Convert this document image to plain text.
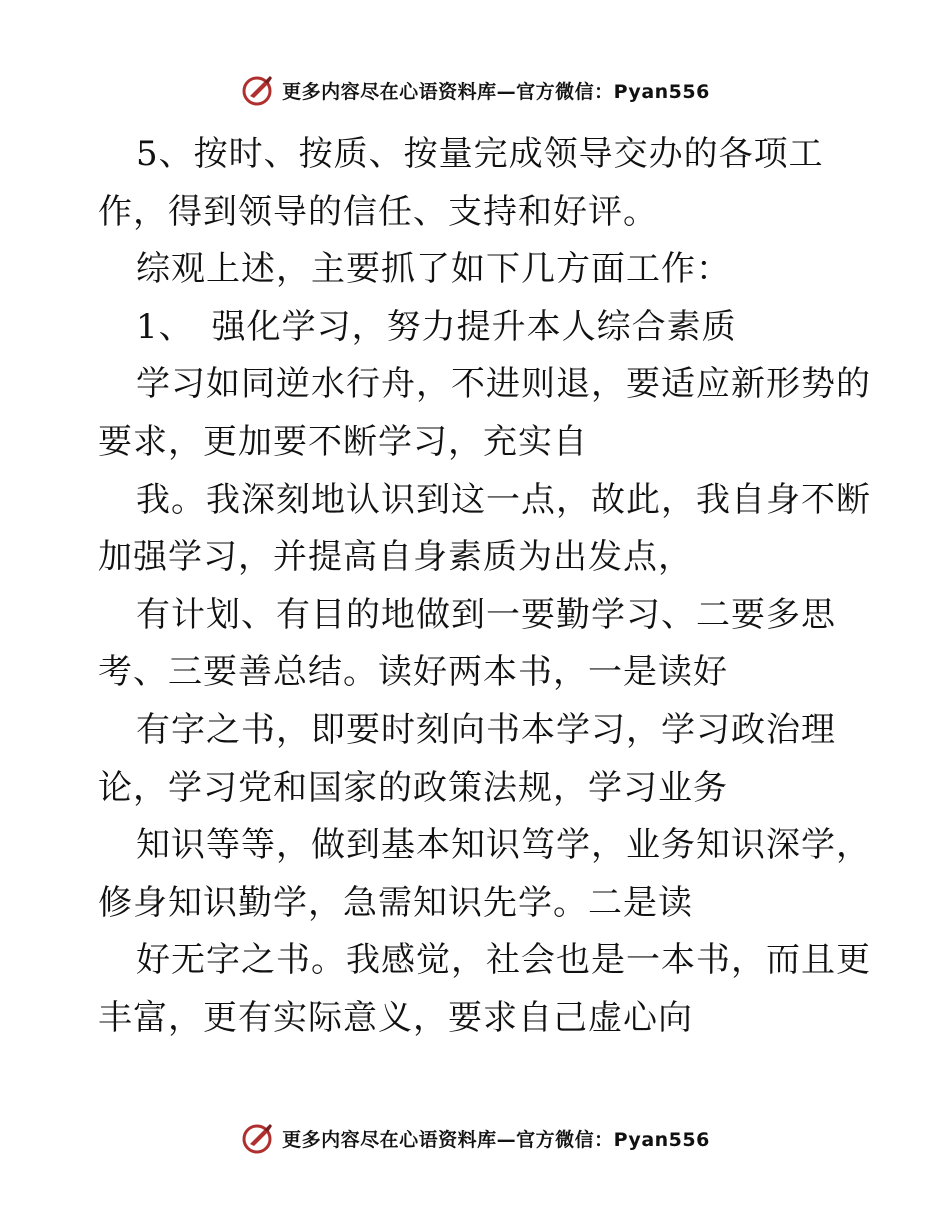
更多内容尽在心语资料库—官方微信：Pyan556
5、按时、按质、按量完成领导交办的各项工
作，得到领导的信任、支持和好评。
综观上述，主要抓了如下几方面工作：
1、　强化学习，努力提升本人综合素质
学习如同逆水行舟，不进则退，要适应新形势的
要求，更加要不断学习，充实自
我。我深刻地认识到这一点，故此，我自身不断
加强学习，并提高自身素质为出发点，
有计划、有目的地做到一要勤学习、二要多思
考、三要善总结。读好两本书，一是读好
有字之书，即要时刻向书本学习，学习政治理
论，学习党和国家的政策法规，学习业务
知识等等，做到基本知识笃学，业务知识深学，
修身知识勤学，急需知识先学。二是读
好无字之书。我感觉，社会也是一本书，而且更
丰富，更有实际意义，要求自己虚心向
更多内容尽在心语资料库—官方微信：Pyan556
